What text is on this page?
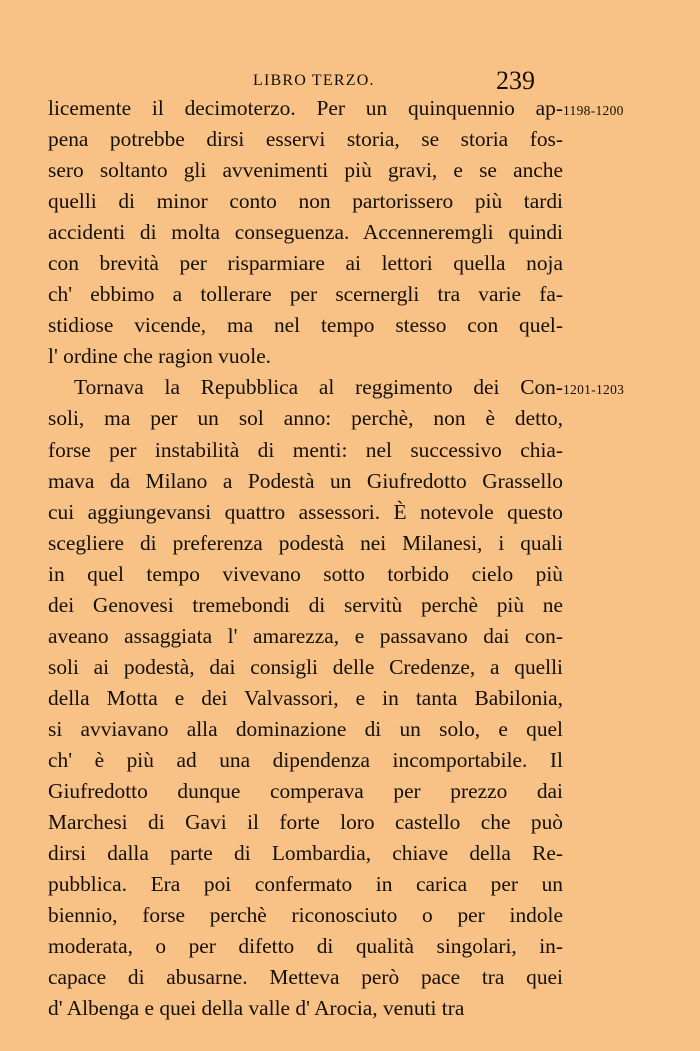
LIBRO TERZO.	239
licemente il decimoterzo. Per un quinquennio ap- 1198-1200
pena potrebbe dirsi esservi storia, se storia fos-
sero soltanto gli avvenimenti più gravi, e se anche
quelli di minor conto non partorissero più tardi
accidenti di molta conseguenza. Accenneremgli quindi
con brevità per risparmiare ai lettori quella noja
ch' ebbimo a tollerare per scernergli tra varie fa-
stidiose vicende, ma nel tempo stesso con quel-
l' ordine che ragion vuole.
Tornava la Repubblica al reggimento dei Con- 1201-1203
soli, ma per un sol anno: perchè, non è detto,
forse per instabilità di menti: nel successivo chia-
mava da Milano a Podestà un Giufredotto Grassello
cui aggiungevansi quattro assessori. È notevole questo
scegliere di preferenza podestà nei Milanesi, i quali
in quel tempo vivevano sotto torbido cielo più
dei Genovesi tremebondi di servitù perchè più ne
aveano assaggiata l' amarezza, e passavano dai con-
soli ai podestà, dai consigli delle Credenze, a quelli
della Motta e dei Valvassori, e in tanta Babilonia,
si avviavano alla dominazione di un solo, e quel
ch' è più ad una dipendenza incomportabile. Il
Giufredotto dunque comperava per prezzo dai
Marchesi di Gavi il forte loro castello che può
dirsi dalla parte di Lombardia, chiave della Re-
pubblica. Era poi confermato in carica per un
biennio, forse perchè riconosciuto o per indole
moderata, o per difetto di qualità singolari, in-
capace di abusarne. Metteva però pace tra quei
d' Albenga e quei della valle d' Arocia, venuti tra
